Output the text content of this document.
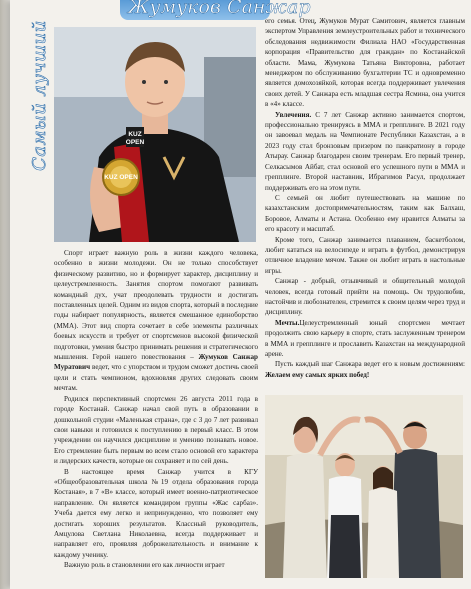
Жумуков Санжар
Самый лучший
KUZ OPEN
KUZ
OPEN

его семья. Отец, Жумуков Мурат Самитович, является главным экспертом Управления землеустроительных работ и технического обследования недвижимости Филиала НАО «Государственная корпорация «Правительство для граждан» по Костанайской области. Мама, Жумукова Татьяна Викторовна, работает менеджером по обслуживанию бухгалтерии ТС и одновременно является домохозяйкой, которая всегда поддерживает увлечения своих детей. У Санжара есть младшая сестра Ясмина, она учится в «4» классе.

Увлечения. С 7 лет Санжар активно занимается спортом, профессионально тренируясь в ММА и грепплинге. В 2021 году он завоевал медаль на Чемпионате Республики Казахстан, а в 2023 году стал бронзовым призером по панкратиону в городе Атырау. Санжар благодарен своим тренерам. Его первый тренер, Селкасымов Айбат, стал основой его успешного пути в ММА и грепплинге. Второй наставник, Ибрагимов Расул, продолжает поддерживать его на этом пути.

С семьей он любит путешествовать на машине по казахстанским достопримечательностям, таким как Балхаш, Боровое, Алматы и Астана. Особенно ему нравится Алматы за его красоту и масштаб.

Кроме того, Санжар занимается плаванием, баскетболом, любит кататься на велосипеде и играть в футбол, демонстрируя отличное владение мячом. Также он любит играть в настольные игры.

Санжар - добрый, отзывчивый и общительный молодой человек, всегда готовый прийти на помощь. Он трудолюбив, настойчив и любознателен, стремится к своим целям через труд и дисциплину.

Мечты.Целеустремленный юный спортсмен мечтает продолжить свою карьеру в спорте, стать заслуженным тренером в ММА и грепплинге и прославить Казахстан на международной арене.

Пусть каждый шаг Санжара ведет его к новым достижениям: Желаем ему самых ярких побед!

Спорт играет важную роль в жизни каждого человека, особенно в жизни молодежи. Он не только способствует физическому развитию, но и формирует характер, дисциплину и целеустремленность. Занятия спортом помогают развивать командный дух, учат преодолевать трудности и достигать поставленных целей. Одним из видов спорта, который в последние годы набирает популярность, является смешанное единоборство (ММА). Этот вид спорта сочетает в себе элементы различных боевых искусств и требует от спортсменов высокой физической подготовки, умения быстро принимать решения и стратегического мышления. Герой нашего повествования – Жумуков Санжар Муратович ведет, что с упорством и трудом сможет достичь своей цели и стать чемпионом, вдохновляя других следовать своим мечтам.

Родился перспективный спортсмен 26 августа 2011 года в городе Костанай. Санжар начал свой путь в образовании в дошкольной студии «Маленькая страна», где с 3 до 7 лет развивал свои навыки и готовился к поступлению в первый класс. В этом учреждении он научился дисциплине и умению познавать новое. Его стремление быть первым во всем стало основой его характера и лидерских качеств, которые он сохраняет и по сей день.

В настоящее время Санжар учится в КГУ «Общеобразовательная школа №19 отдела образования города Костаная», в 7 «В» классе, который имеет военно-патриотическое направление. Он является командиром группы «Жас сарбаз». Учеба дается ему легко и непринужденно, что позволяет ему достигать хороших результатов. Классный руководитель, Амцулова Светлана Николаевна, всегда поддерживает и направляет его, проявляя доброжелательность и внимание к каждому ученику.

Важную роль в становлении его как личности играет
